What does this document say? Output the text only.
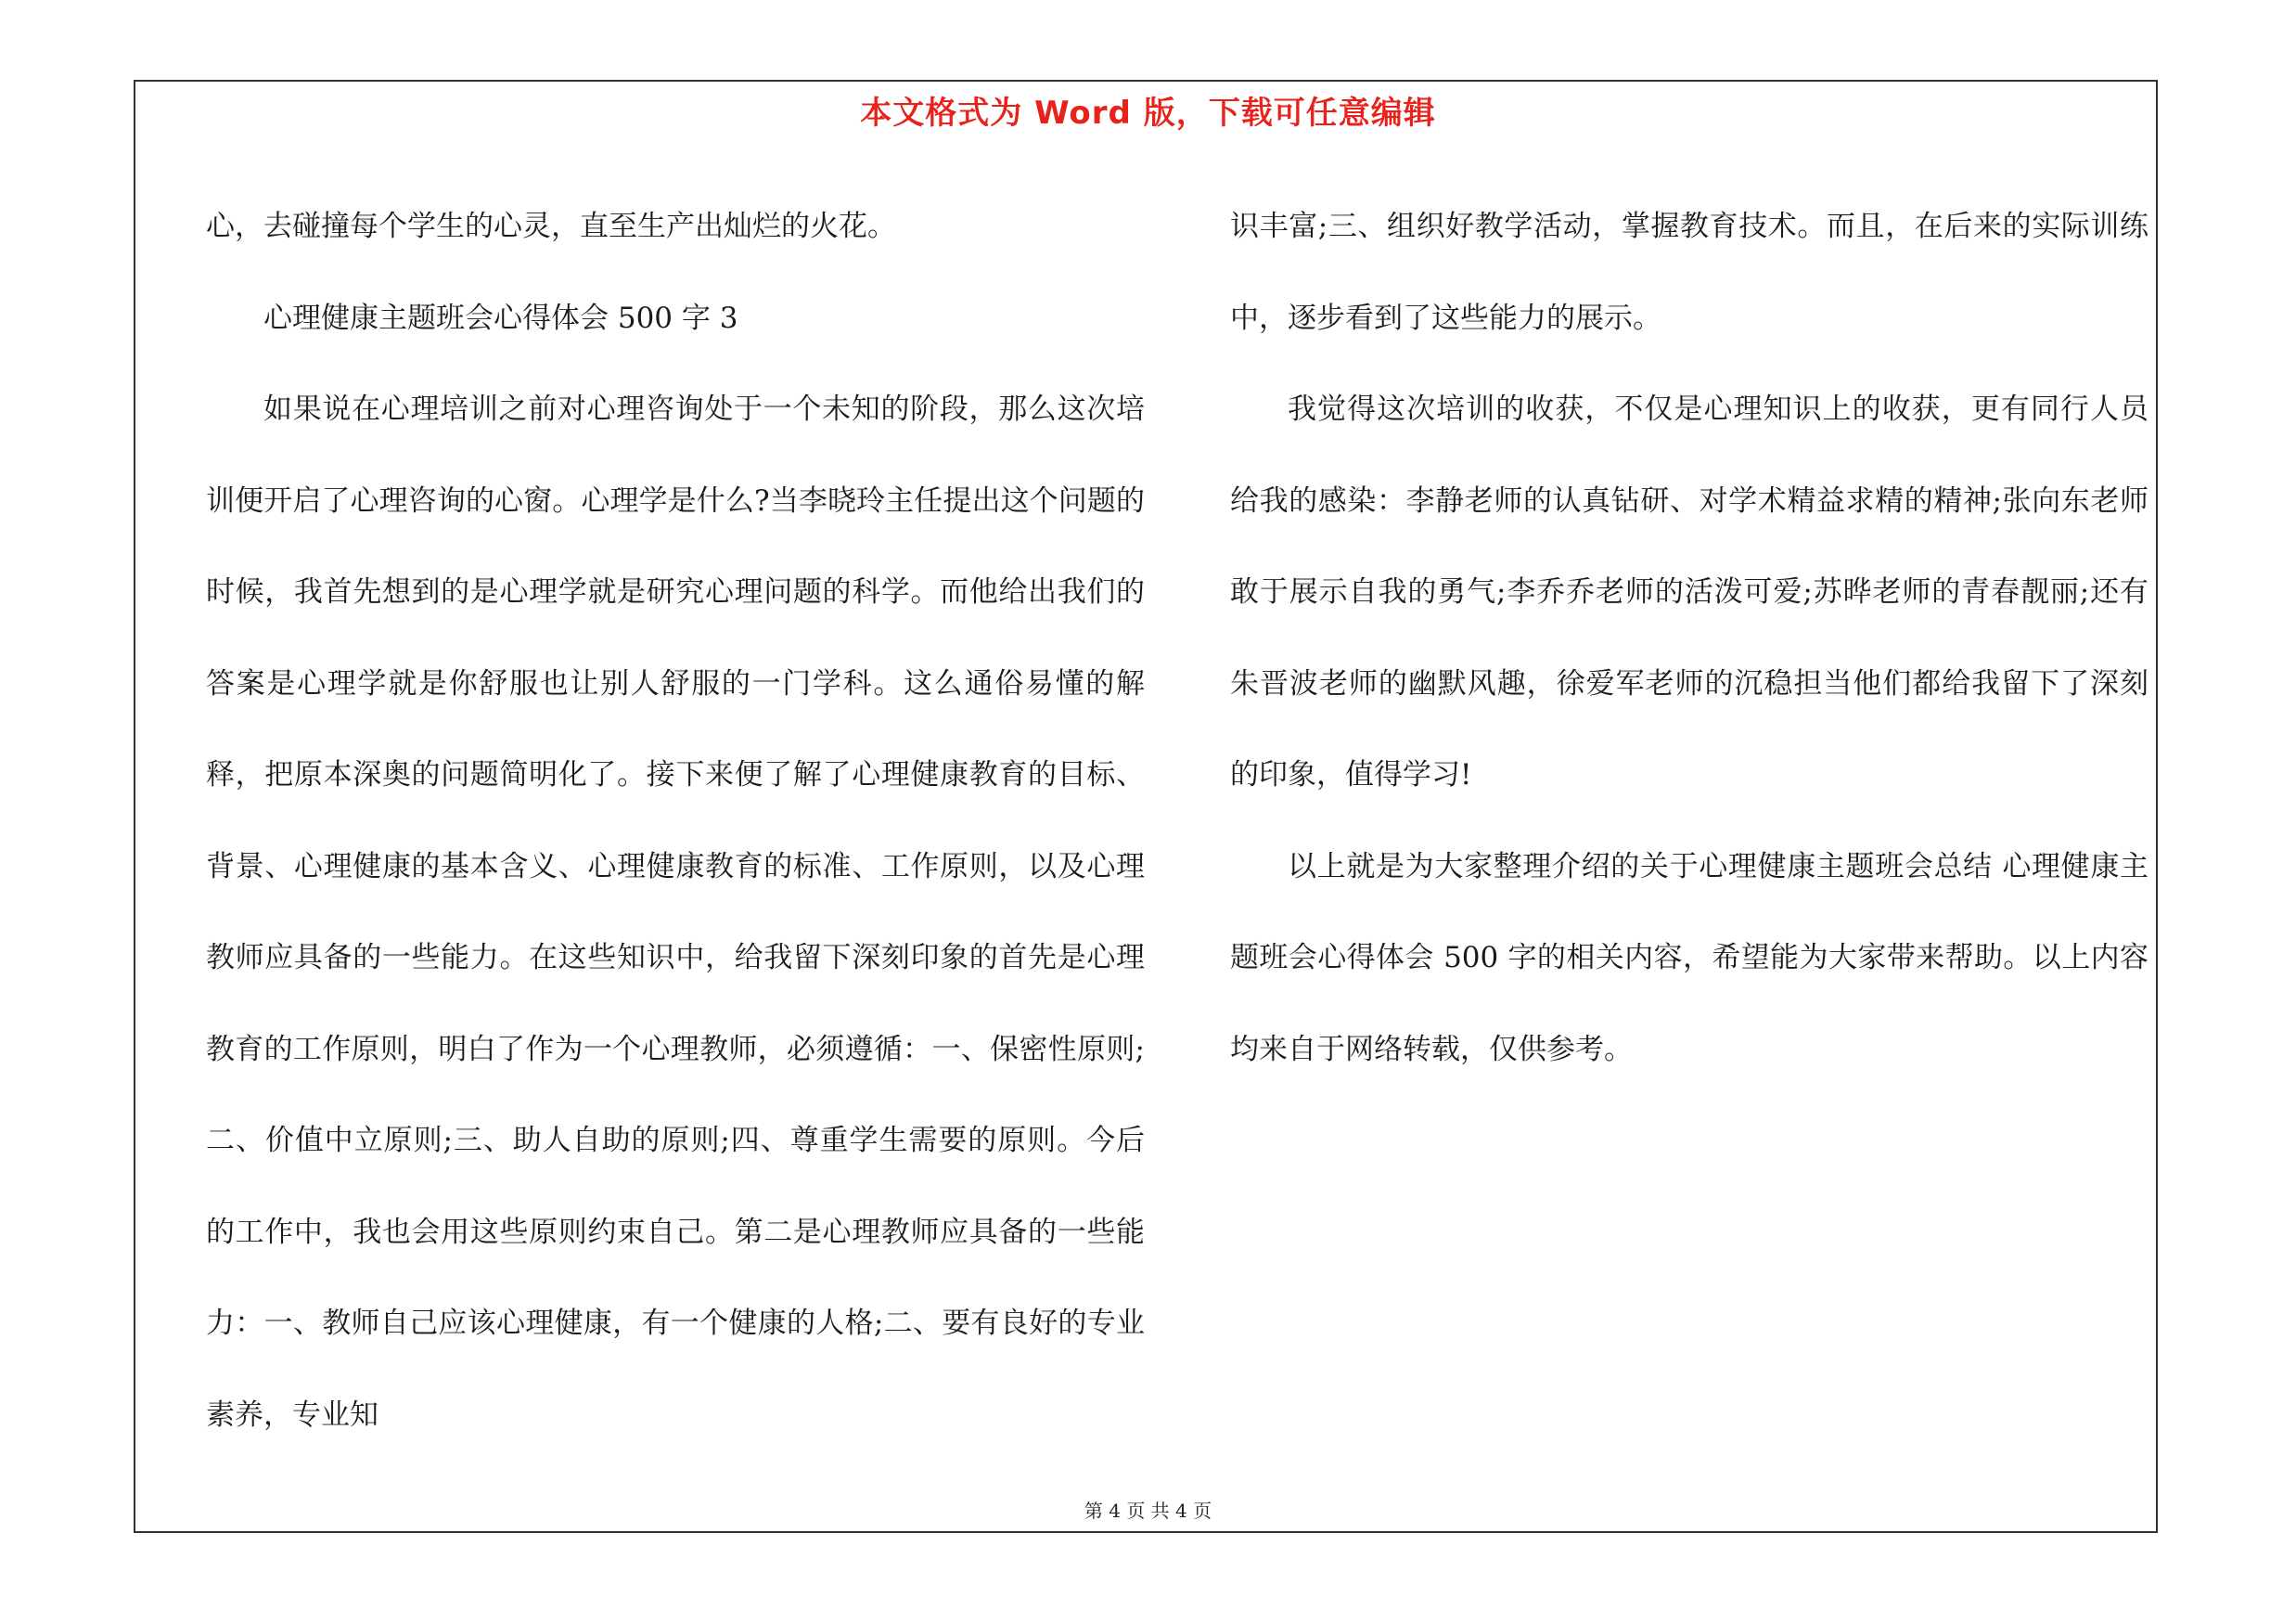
本文格式为 Word 版，下载可任意编辑

心，去碰撞每个学生的心灵，直至生产出灿烂的火花。

心理健康主题班会心得体会 500 字 3

如果说在心理培训之前对心理咨询处于一个未知的阶段，那么这次培训便开启了心理咨询的心窗。心理学是什么?当李晓玲主任提出这个问题的时候，我首先想到的是心理学就是研究心理问题的科学。而他给出我们的答案是心理学就是你舒服也让别人舒服的一门学科。这么通俗易懂的解释，把原本深奥的问题简明化了。接下来便了解了心理健康教育的目标、背景、心理健康的基本含义、心理健康教育的标准、工作原则，以及心理教师应具备的一些能力。在这些知识中，给我留下深刻印象的首先是心理教育的工作原则，明白了作为一个心理教师，必须遵循：一、保密性原则;二、价值中立原则;三、助人自助的原则;四、尊重学生需要的原则。今后的工作中，我也会用这些原则约束自己。第二是心理教师应具备的一些能力：一、教师自己应该心理健康，有一个健康的人格;二、要有良好的专业素养，专业知

识丰富;三、组织好教学活动，掌握教育技术。而且，在后来的实际训练中，逐步看到了这些能力的展示。

我觉得这次培训的收获，不仅是心理知识上的收获，更有同行人员给我的感染：李静老师的认真钻研、对学术精益求精的精神;张向东老师敢于展示自我的勇气;李乔乔老师的活泼可爱;苏晔老师的青春靓丽;还有朱晋波老师的幽默风趣，徐爱军老师的沉稳担当他们都给我留下了深刻的印象，值得学习!

以上就是为大家整理介绍的关于心理健康主题班会总结 心理健康主题班会心得体会 500 字的相关内容，希望能为大家带来帮助。以上内容均来自于网络转载，仅供参考。

第 4 页 共 4 页
